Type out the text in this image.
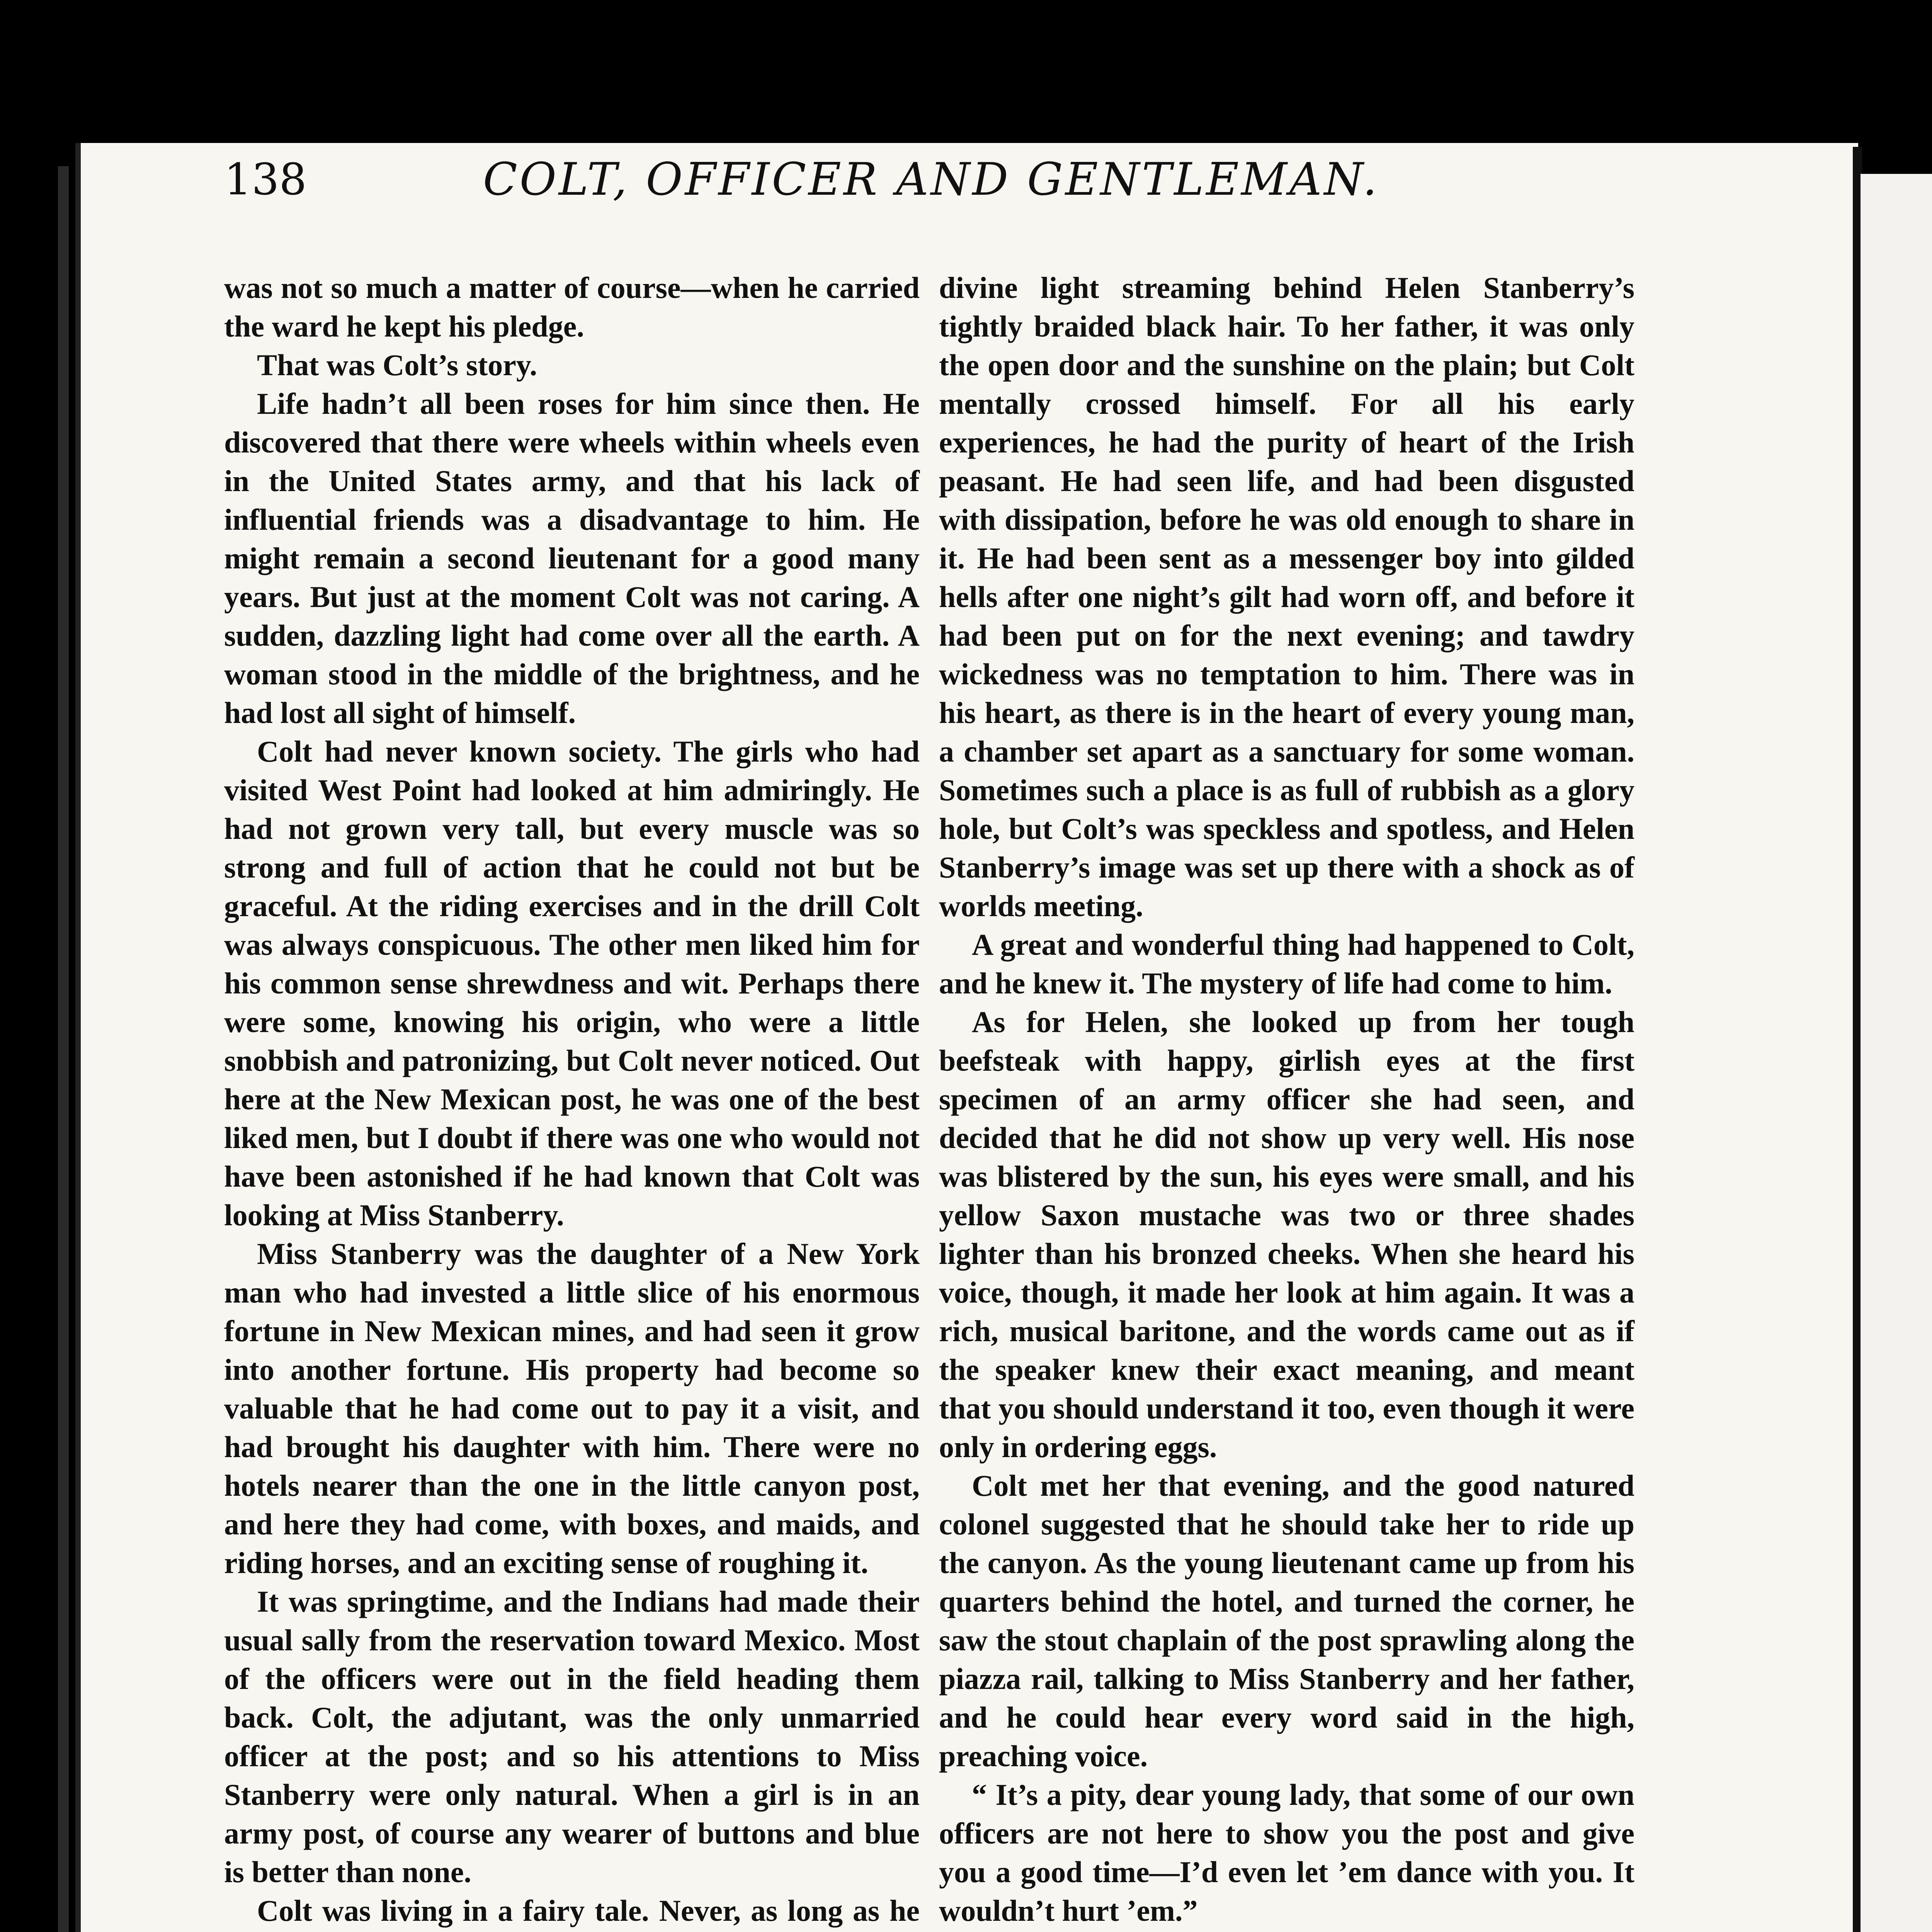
138	COLT, OFFICER AND GENTLEMAN.

was not so much a matter of course—when he carried the ward he kept his pledge.

That was Colt’s story.

Life hadn’t all been roses for him since then. He discovered that there were wheels within wheels even in the United States army, and that his lack of influential friends was a disadvantage to him. He might remain a second lieutenant for a good many years. But just at the moment Colt was not caring. A sudden, dazzling light had come over all the earth. A woman stood in the middle of the brightness, and he had lost all sight of himself.

Colt had never known society. The girls who had visited West Point had looked at him admiringly. He had not grown very tall, but every muscle was so strong and full of action that he could not but be graceful. At the riding exercises and in the drill Colt was always conspicuous. The other men liked him for his common sense shrewdness and wit. Perhaps there were some, knowing his origin, who were a little snobbish and patronizing, but Colt never noticed. Out here at the New Mexican post, he was one of the best liked men, but I doubt if there was one who would not have been astonished if he had known that Colt was looking at Miss Stanberry.

Miss Stanberry was the daughter of a New York man who had invested a little slice of his enormous fortune in New Mexican mines, and had seen it grow into another fortune. His property had become so valuable that he had come out to pay it a visit, and had brought his daughter with him. There were no hotels nearer than the one in the little canyon post, and here they had come, with boxes, and maids, and riding horses, and an exciting sense of roughing it.

It was springtime, and the Indians had made their usual sally from the reservation toward Mexico. Most of the officers were out in the field heading them back. Colt, the adjutant, was the only unmarried officer at the post; and so his attentions to Miss Stanberry were only natural. When a girl is in an army post, of course any wearer of buttons and blue is better than none.

Colt was living in a fairy tale. Never, as long as he

divine light streaming behind Helen Stanberry’s tightly braided black hair. To her father, it was only the open door and the sunshine on the plain; but Colt mentally crossed himself. For all his early experiences, he had the purity of heart of the Irish peasant. He had seen life, and had been disgusted with dissipation, before he was old enough to share in it. He had been sent as a messenger boy into gilded hells after one night’s gilt had worn off, and before it had been put on for the next evening; and tawdry wickedness was no temptation to him. There was in his heart, as there is in the heart of every young man, a chamber set apart as a sanctuary for some woman. Sometimes such a place is as full of rubbish as a glory hole, but Colt’s was speckless and spotless, and Helen Stanberry’s image was set up there with a shock as of worlds meeting.

A great and wonderful thing had happened to Colt, and he knew it. The mystery of life had come to him.

As for Helen, she looked up from her tough beefsteak with happy, girlish eyes at the first specimen of an army officer she had seen, and decided that he did not show up very well. His nose was blistered by the sun, his eyes were small, and his yellow Saxon mustache was two or three shades lighter than his bronzed cheeks. When she heard his voice, though, it made her look at him again. It was a rich, musical baritone, and the words came out as if the speaker knew their exact meaning, and meant that you should understand it too, even though it were only in ordering eggs.

Colt met her that evening, and the good natured colonel suggested that he should take her to ride up the canyon. As the young lieutenant came up from his quarters behind the hotel, and turned the corner, he saw the stout chaplain of the post sprawling along the piazza rail, talking to Miss Stanberry and her father, and he could hear every word said in the high, preaching voice.

“ It’s a pity, dear young lady, that some of our own officers are not here to show you the post and give you a good time—I’d even let ’em dance with you. It wouldn’t hurt ’em.”
